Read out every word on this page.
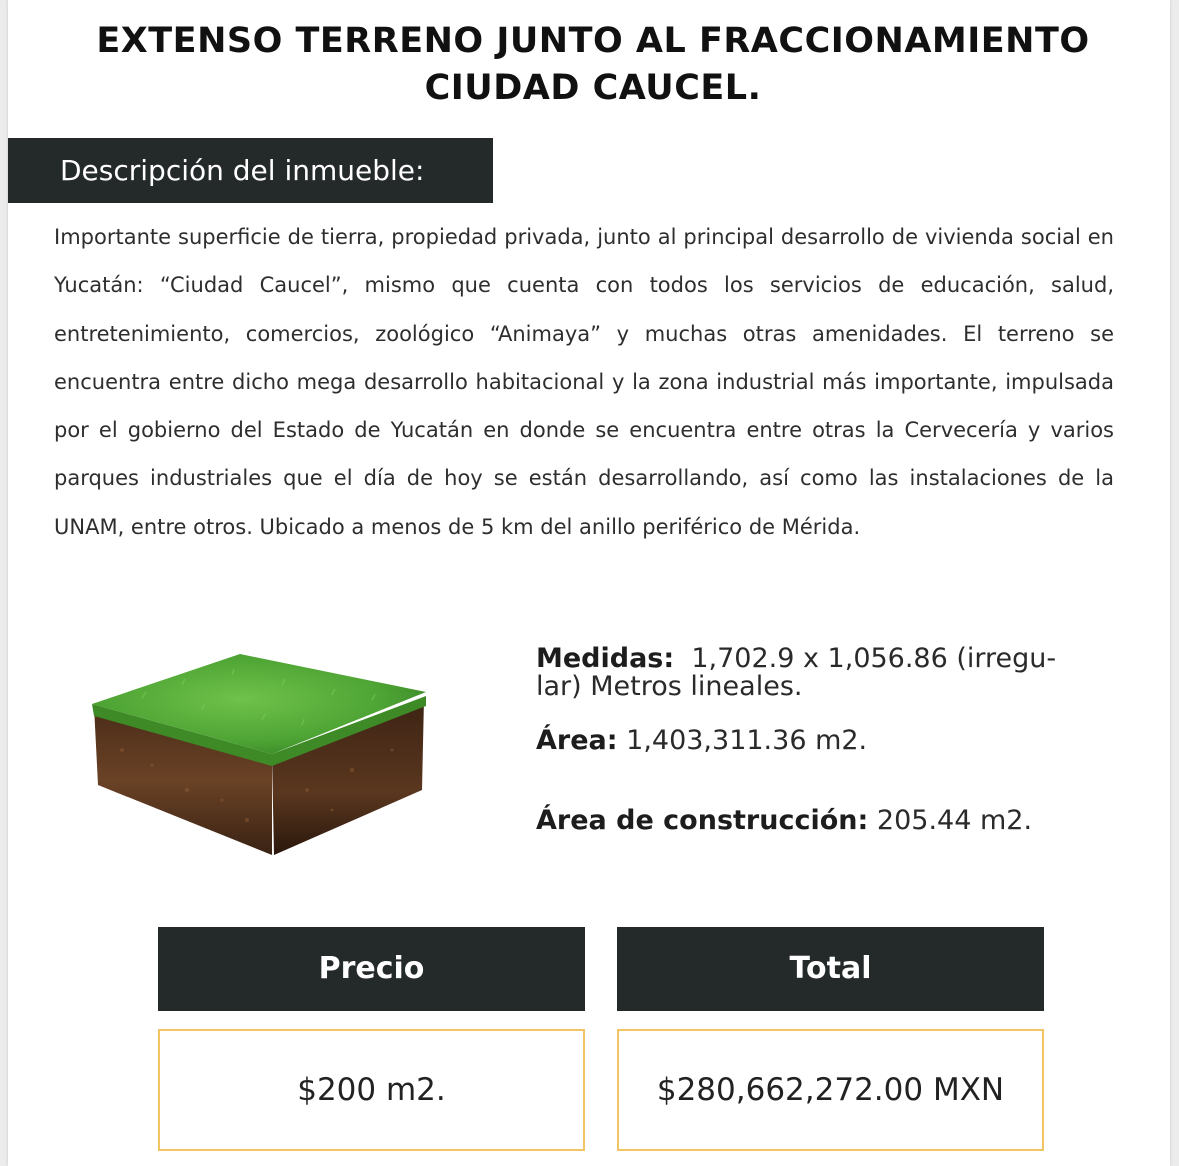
EXTENSO TERRENO JUNTO AL FRACCIONAMIENTO
CIUDAD CAUCEL.
Descripción del inmueble:

Importante superficie de tierra, propiedad privada, junto al principal desarrollo de vivienda social en Yucatán: “Ciudad Caucel”, mismo que cuenta con todos los servicios de educación, salud, entretenimiento, comercios, zoológico “Animaya” y muchas otras amenidades. El terreno se encuentra entre dicho mega desarrollo habitacional y la zona industrial más importante, impulsada por el gobierno del Estado de Yucatán en donde se encuentra entre otras la Cervecería y varios parques industriales que el día de hoy se están desarrollando, así como las instalaciones de la UNAM, entre otros. Ubicado a menos de 5 km del anillo periférico de Mérida.

Medidas: 1,702.9 x 1,056.86 (irregu-
lar) Metros lineales.
Área: 1,403,311.36 m2.
Área de construcción: 205.44 m2.
Precio	Total
$200 m2.	$280,662,272.00 MXN
